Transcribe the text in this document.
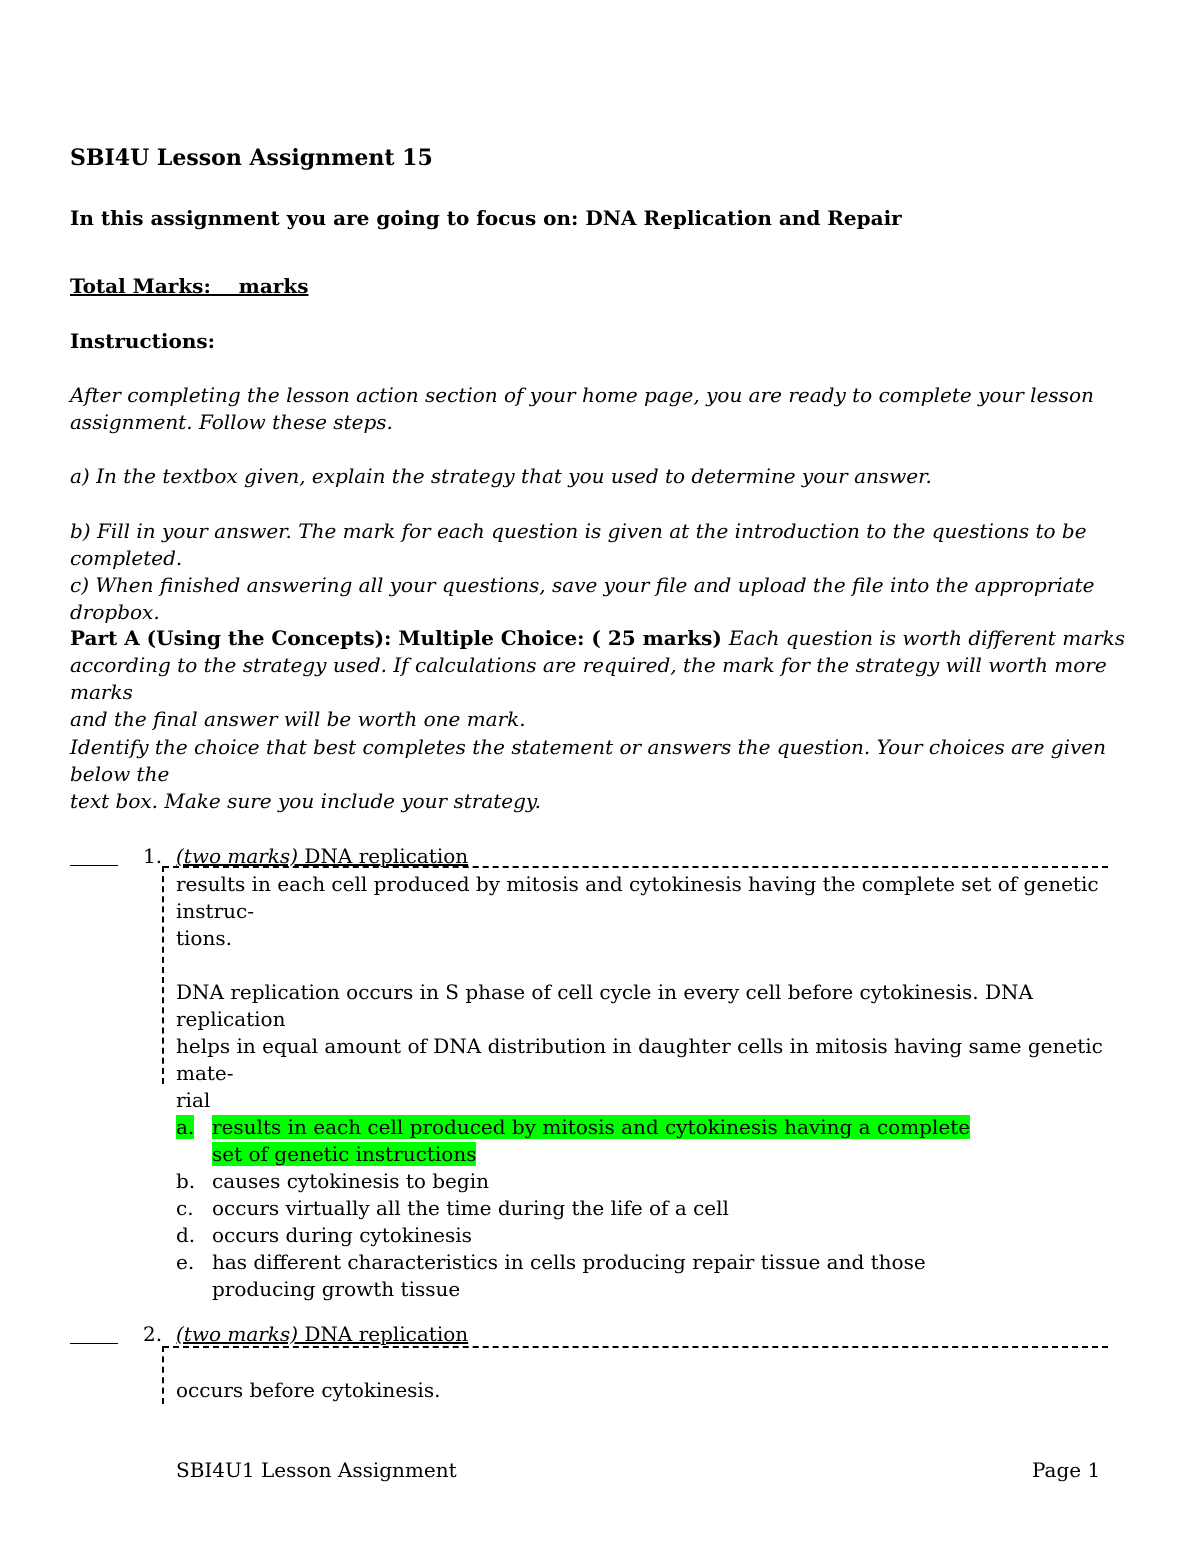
SBI4U Lesson Assignment 15
In this assignment you are going to focus on: DNA Replication and Repair
Total Marks:    marks
Instructions:
After completing the lesson action section of your home page, you are ready to complete your lesson
assignment. Follow these steps.
a) In the textbox given, explain the strategy that you used to determine your answer.
b) Fill in your answer. The mark for each question is given at the introduction to the questions to be completed.
c) When finished answering all your questions, save your file and upload the file into the appropriate dropbox.
Part A (Using the Concepts): Multiple Choice: ( 25 marks) Each question is worth different marks
according to the strategy used. If calculations are required, the mark for the strategy will worth more marks
and the final answer will be worth one mark.
Identify the choice that best completes the statement or answers the question. Your choices are given below the
text box. Make sure you include your strategy.
1. (two marks) DNA replication
results in each cell produced by mitosis and cytokinesis having the complete set of genetic instruc-
tions.
DNA replication occurs in S phase of cell cycle in every cell before cytokinesis. DNA replication
helps in equal amount of DNA distribution in daughter cells in mitosis having same genetic mate-
rial
a. results in each cell produced by mitosis and cytokinesis having a complete set of genetic instructions
b. causes cytokinesis to begin
c. occurs virtually all the time during the life of a cell
d. occurs during cytokinesis
e. has different characteristics in cells producing repair tissue and those producing growth tissue
2. (two marks) DNA replication
occurs before cytokinesis.
SBI4U1 Lesson Assignment	Page 1
